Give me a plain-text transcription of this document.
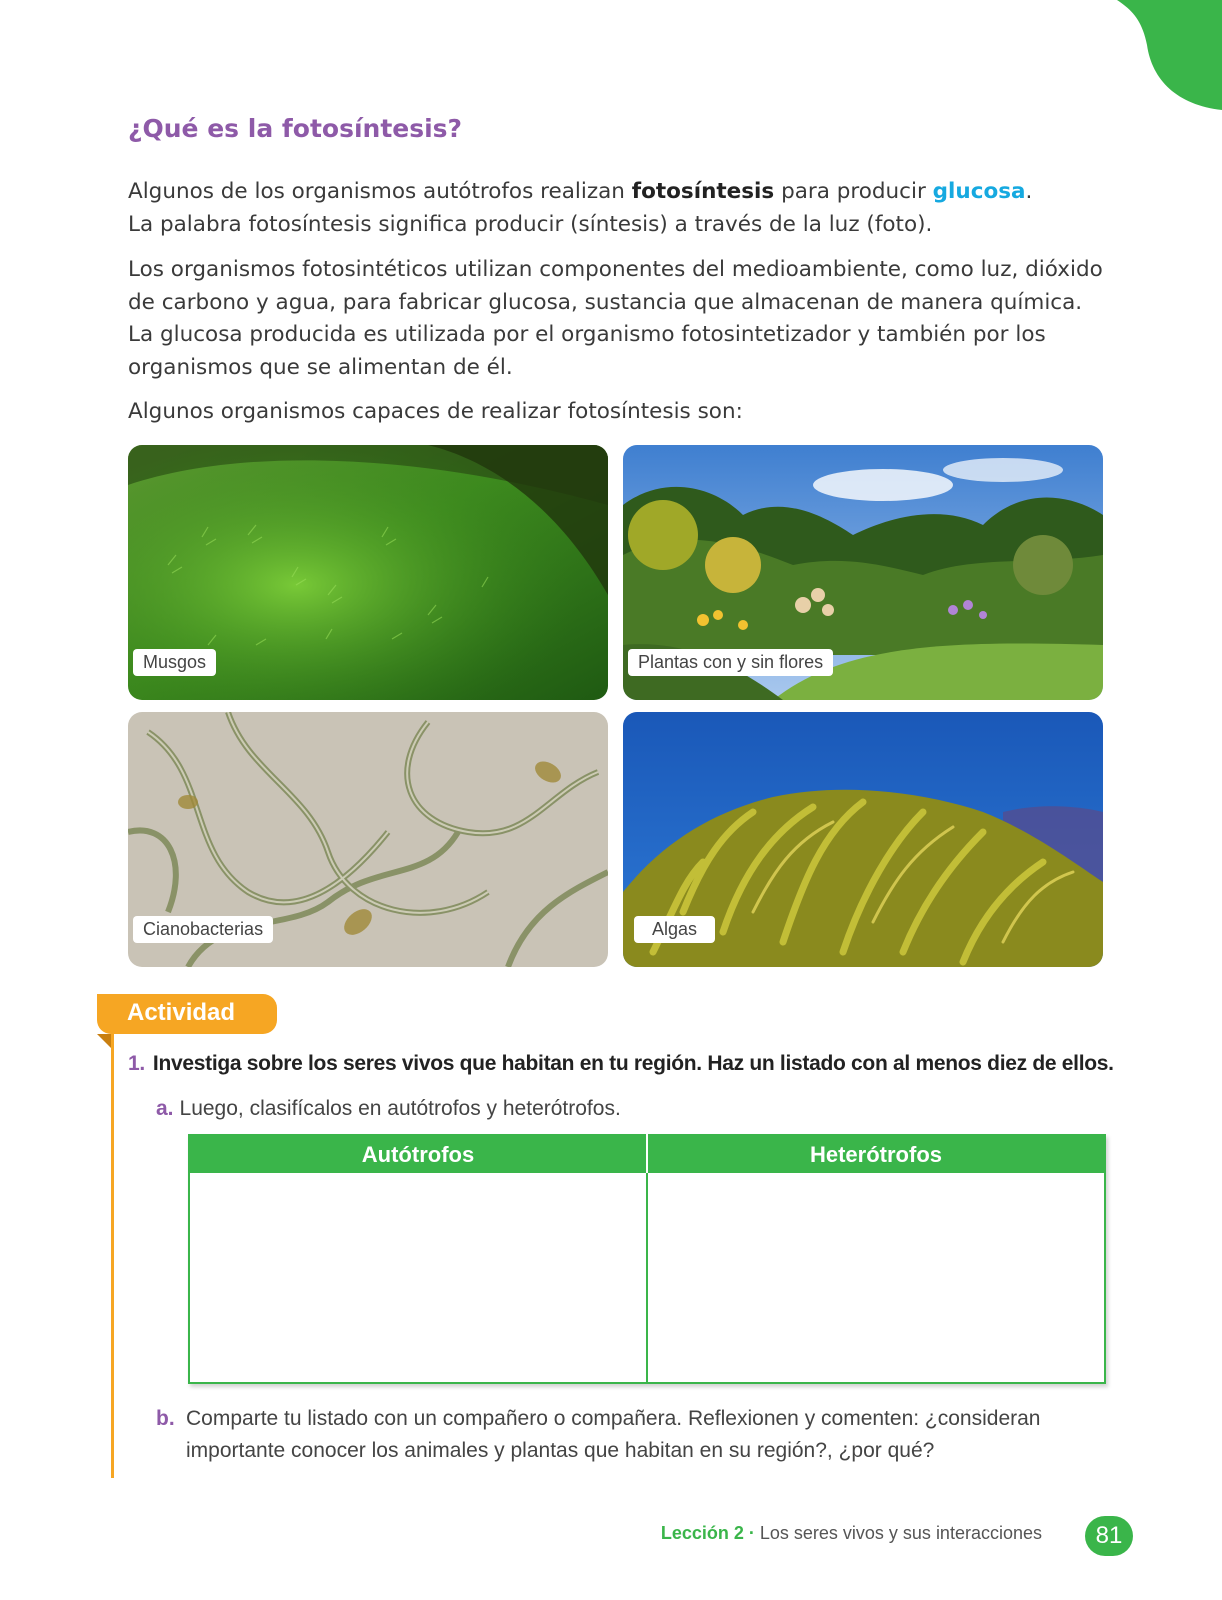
¿Qué es la fotosíntesis?

Algunos de los organismos autótrofos realizan fotosíntesis para producir glucosa.
La palabra fotosíntesis significa producir (síntesis) a través de la luz (foto).

Los organismos fotosintéticos utilizan componentes del medioambiente, como luz, dióxido de carbono y agua, para fabricar glucosa, sustancia que almacenan de manera química. La glucosa producida es utilizada por el organismo fotosintetizador y también por los organismos que se alimentan de él.

Algunos organismos capaces de realizar fotosíntesis son:

Musgos	Plantas con y sin flores
Cianobacterias	Algas
Actividad
1. Investiga sobre los seres vivos que habitan en tu región. Haz un listado con al menos diez de ellos.
a. Luego, clasifícalos en autótrofos y heterótrofos.
Autótrofos	Heterótrofos

b. Comparte tu listado con un compañero o compañera. Reflexionen y comenten: ¿consideran importante conocer los animales y plantas que habitan en su región?, ¿por qué?
Lección 2 · Los seres vivos y sus interacciones	81
